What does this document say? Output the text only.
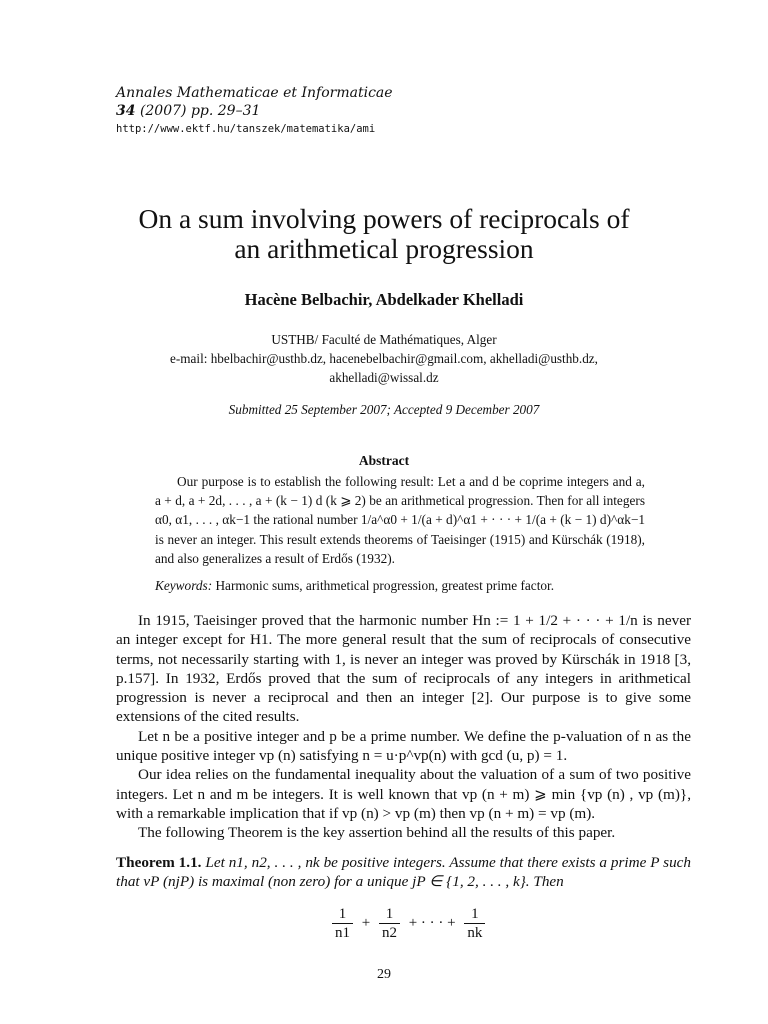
Annales Mathematicae et Informaticae
34 (2007) pp. 29–31
http://www.ektf.hu/tanszek/matematika/ami
On a sum involving powers of reciprocals of
an arithmetical progression
Hacène Belbachir, Abdelkader Khelladi
USTHB/ Faculté de Mathématiques, Alger
e-mail: hbelbachir@usthb.dz, hacenebelbachir@gmail.com, akhelladi@usthb.dz,
akhelladi@wissal.dz
Submitted 25 September 2007; Accepted 9 December 2007
Abstract

Our purpose is to establish the following result: Let a and d be coprime integers and a, a + d, a + 2d, . . . , a + (k − 1) d (k ⩾ 2) be an arithmetical progression. Then for all integers α0, α1, . . . , αk−1 the rational number 1/a^α0 + 1/(a + d)^α1 + · · · + 1/(a + (k − 1) d)^αk−1 is never an integer. This result extends theorems of Taeisinger (1915) and Kürschák (1918), and also generalizes a result of Erdős (1932).

Keywords: Harmonic sums, arithmetical progression, greatest prime factor.

In 1915, Taeisinger proved that the harmonic number Hn := 1 + 1/2 + · · · + 1/n is never an integer except for H1. The more general result that the sum of reciprocals of consecutive terms, not necessarily starting with 1, is never an integer was proved by Kürschák in 1918 [3, p.157]. In 1932, Erdős proved that the sum of reciprocals of any integers in arithmetical progression is never a reciprocal and then an integer [2]. Our purpose is to give some extensions of the cited results.

Let n be a positive integer and p be a prime number. We define the p-valuation of n as the unique positive integer vp (n) satisfying n = u·p^vp(n) with gcd (u, p) = 1.

Our idea relies on the fundamental inequality about the valuation of a sum of two positive integers. Let n and m be integers. It is well known that vp (n + m) ⩾ min {vp (n) , vp (m)}, with a remarkable implication that if vp (n) > vp (m) then vp (n + m) = vp (m).

The following Theorem is the key assertion behind all the results of this paper.

Theorem 1.1. Let n1, n2, . . . , nk be positive integers. Assume that there exists a prime P such that vP (njP) is maximal (non zero) for a unique jP ∈ {1, 2, . . . , k}. Then
$\frac{1}{n1} + \frac{1}{n2}$ + · · · + $\frac{1}{nk}$
29
